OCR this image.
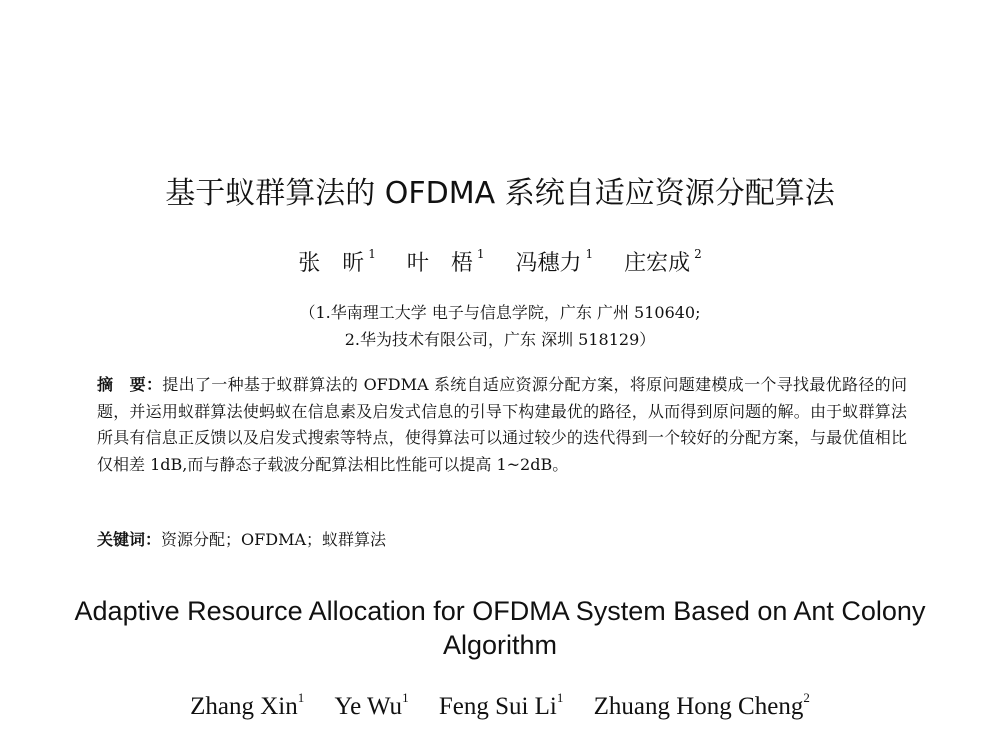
基于蚁群算法的 OFDMA 系统自适应资源分配算法
张　昕 $^1$ 叶　梧 $^1$ 冯穗力 $^1$ 庄宏成 $^2$
（1.华南理工大学 电子与信息学院，广东 广州 510640;
2.华为技术有限公司，广东 深圳 518129）
摘　要：提出了一种基于蚁群算法的 OFDMA 系统自适应资源分配方案，将原问题建模成一个寻找最优路径的问题，并运用蚁群算法使蚂蚁在信息素及启发式信息的引导下构建最优的路径，从而得到原问题的解。由于蚁群算法所具有信息正反馈以及启发式搜索等特点，使得算法可以通过较少的迭代得到一个较好的分配方案，与最优值相比仅相差 1dB,而与静态子载波分配算法相比性能可以提高 1~2dB。
关键词：资源分配；OFDMA；蚁群算法
Adaptive Resource Allocation for OFDMA System Based on Ant Colony Algorithm
Zhang Xin$^1$ Ye Wu$^1$ Feng Sui Li$^1$ Zhuang Hong Cheng$^2$
